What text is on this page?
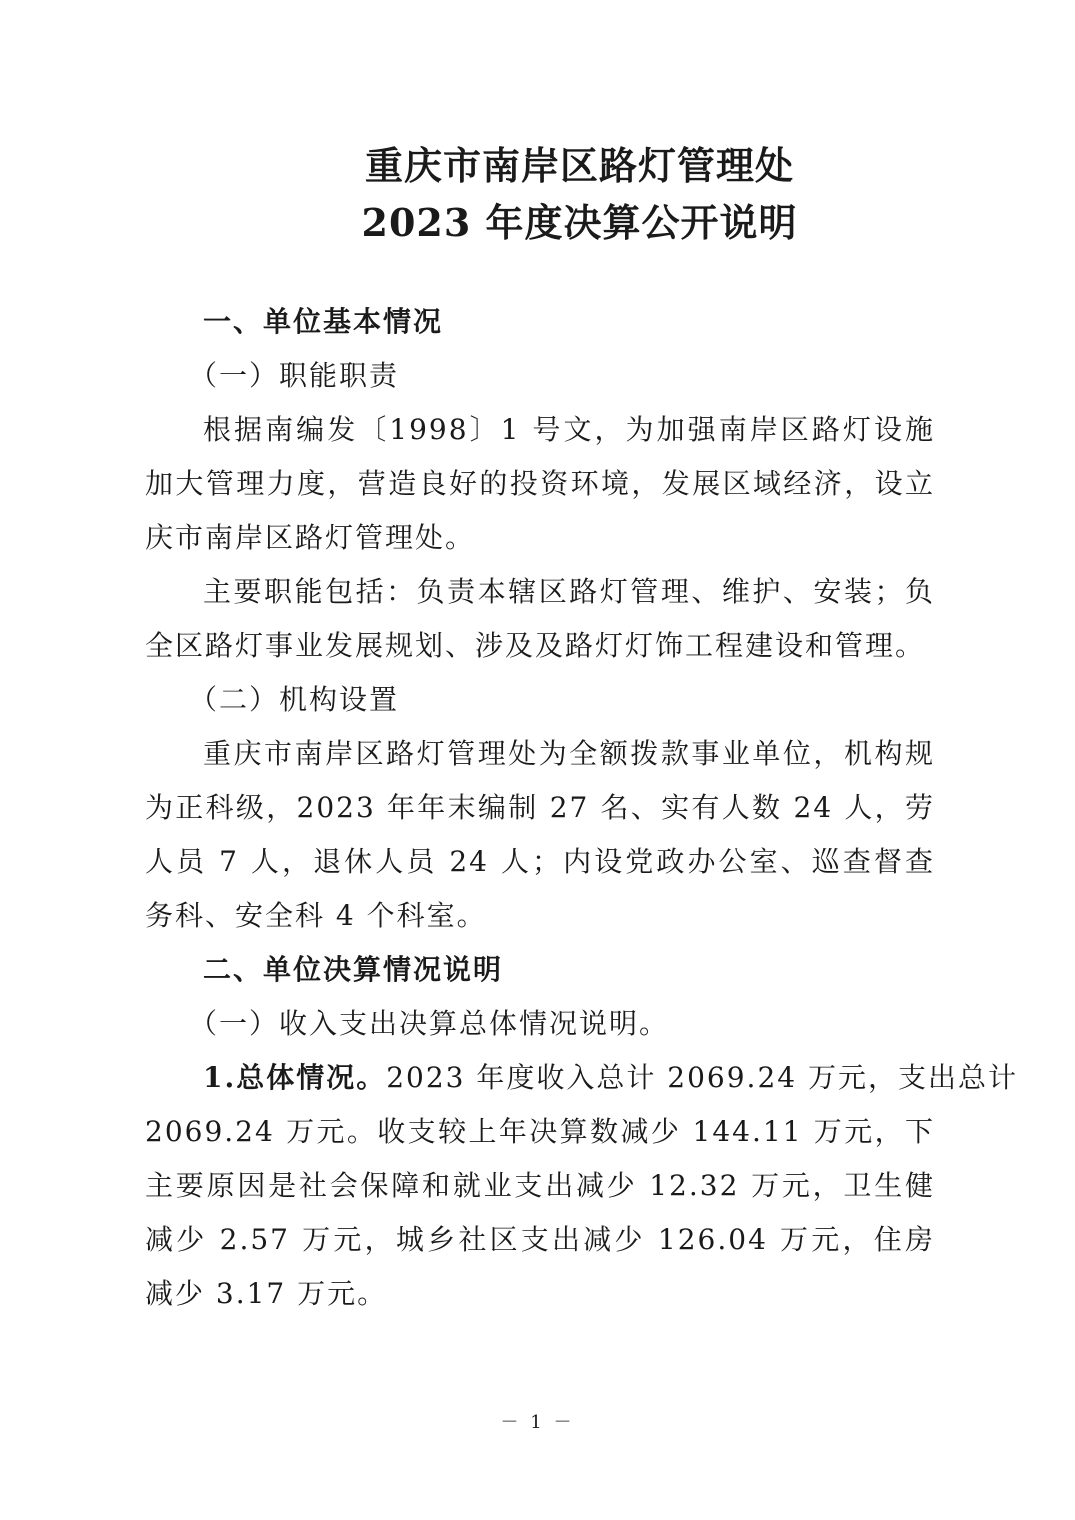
重庆市南岸区路灯管理处
2023 年度决算公开说明
一、单位基本情况
（一）职能职责
根据南编发〔1998〕1 号文，为加强南岸区路灯设施
加大管理力度，营造良好的投资环境，发展区域经济，设立
庆市南岸区路灯管理处。
主要职能包括：负责本辖区路灯管理、维护、安装；负
全区路灯事业发展规划、涉及及路灯灯饰工程建设和管理。
（二）机构设置
重庆市南岸区路灯管理处为全额拨款事业单位，机构规
为正科级，2023 年年末编制 27 名、实有人数 24 人，劳
人员 7 人，退休人员 24 人；内设党政办公室、巡查督查
务科、安全科 4 个科室。
二、单位决算情况说明
（一）收入支出决算总体情况说明。
1.总体情况。 2023 年度收入总计 2069.24 万元，支出总计
2069.24 万元。收支较上年决算数减少 144.11 万元，下
主要原因是社会保障和就业支出减少 12.32 万元，卫生健
减少 2.57 万元，城乡社区支出减少 126.04 万元，住房
减少 3.17 万元。
－ 1 －
